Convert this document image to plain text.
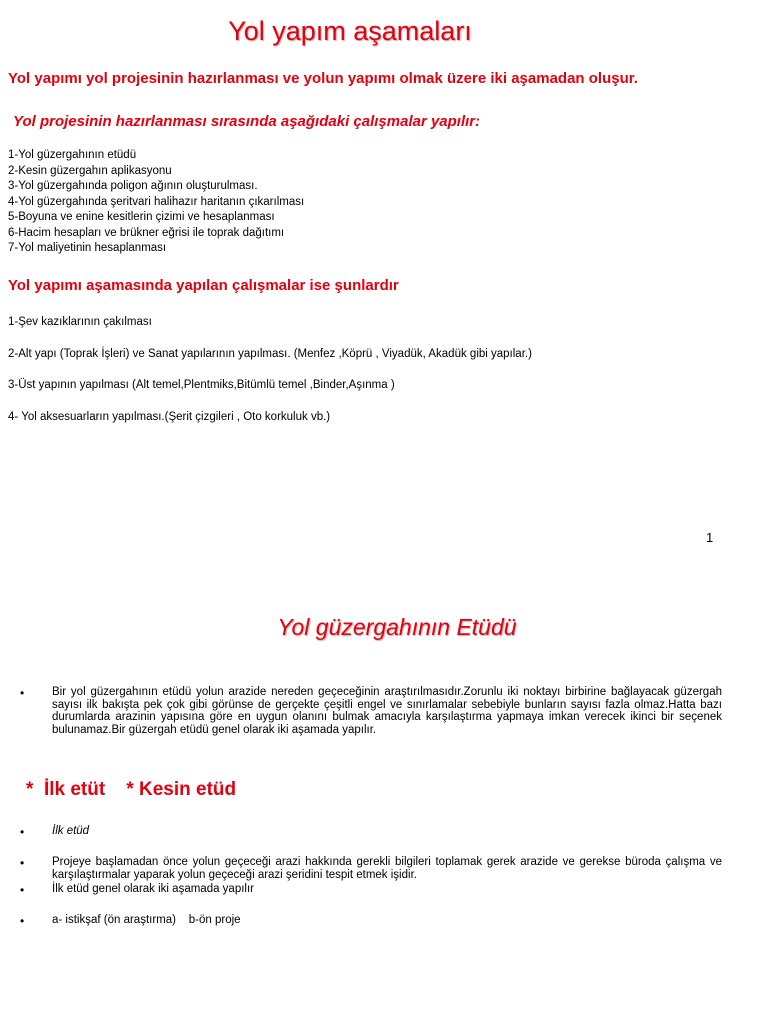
Yol yapım aşamaları
Yol yapımı yol projesinin hazırlanması ve yolun yapımı olmak üzere iki aşamadan oluşur.
Yol projesinin hazırlanması sırasında aşağıdaki çalışmalar yapılır:
1-Yol güzergahının etüdü
2-Kesin güzergahın aplikasyonu
3-Yol güzergahında poligon ağının oluşturulması.
4-Yol güzergahında şeritvari halihazır haritanın çıkarılması
5-Boyuna ve enine kesitlerin çizimi ve hesaplanması
6-Hacim hesapları ve brükner eğrisi ile toprak dağıtımı
7-Yol maliyetinin hesaplanması
Yol yapımı aşamasında yapılan çalışmalar ise şunlardır
1-Şev kazıklarının çakılması
2-Alt yapı (Toprak İşleri) ve Sanat yapılarının yapılması. (Menfez ,Köprü , Viyadük, Akadük gibi yapılar.)
3-Üst yapının yapılması (Alt temel,Plentmiks,Bitümlü temel ,Binder,Aşınma )
4- Yol aksesuarların yapılması.(Şerit çizgileri , Oto korkuluk vb.)
1
Yol güzergahının Etüdü
• Bir yol güzergahının etüdü yolun arazide nereden geçeceğinin araştırılmasıdır.Zorunlu iki noktayı birbirine bağlayacak güzergah sayısı ilk bakışta pek çok gibi görünse de gerçekte çeşitli engel ve sınırlamalar sebebiyle bunların sayısı fazla olmaz.Hatta bazı durumlarda arazinin yapısına göre en uygun olanını bulmak amacıyla karşılaştırma yapmaya imkan verecek ikinci bir seçenek bulunamaz.Bir güzergah etüdü genel olarak iki aşamada yapılır.
*  İlk etüt * Kesin etüd
• İlk etüd
• Projeye başlamadan önce yolun geçeceği arazi hakkında gerekli bilgileri toplamak gerek arazide ve gerekse büroda çalışma ve karşılaştırmalar yaparak yolun geçeceği arazi şeridini tespit etmek işidir.
• İlk etüd genel olarak iki aşamada yapılır
• a- istikşaf (ön araştırma)    b-ön proje
